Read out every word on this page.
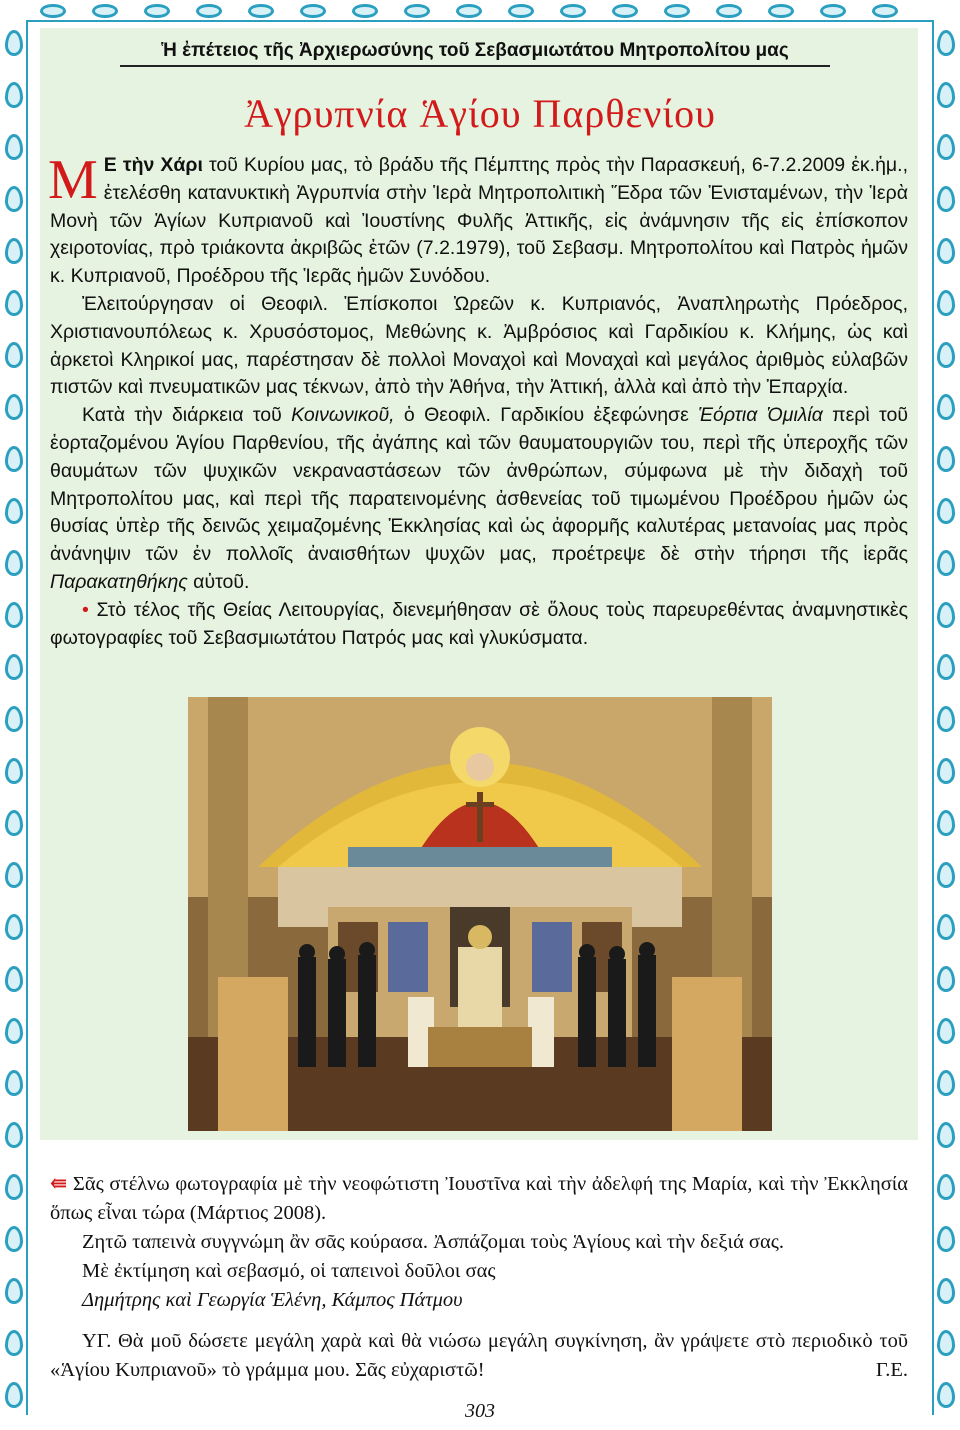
Ἡ ἐπέτειος τῆς Ἀρχιερωσύνης τοῦ Σεβασμιωτάτου Μητροπολίτου μας
Ἀγρυπνία Ἁγίου Παρθενίου

Μ Ε τὴν Χάρι τοῦ Κυρίου μας, τὸ βράδυ τῆς Πέμπτης πρὸς τὴν Παρασκευή, 6-7.2.2009 ἐκ.ἡμ., ἐτελέσθη κατανυκτικὴ Ἀγρυπνία στὴν Ἱερὰ Μητροπολιτικὴ Ἕδρα τῶν Ἐνισταμένων, τὴν Ἱερὰ Μονὴ τῶν Ἁγίων Κυπριανοῦ καὶ Ἰουστίνης Φυλῆς Ἀττικῆς, εἰς ἀνάμνησιν τῆς εἰς ἐπίσκοπον χειροτονίας, πρὸ τριάκοντα ἀκριβῶς ἐτῶν (7.2.1979), τοῦ Σεβασμ. Μητροπολίτου καὶ Πατρὸς ἡμῶν κ. Κυπριανοῦ, Προέδρου τῆς Ἱερᾶς ἡμῶν Συνόδου.

Ἐλειτούργησαν οἱ Θεοφιλ. Ἐπίσκοποι Ὠρεῶν κ. Κυπριανός, Ἀναπληρωτὴς Πρόεδρος, Χριστιανουπόλεως κ. Χρυσόστομος, Μεθώνης κ. Ἀμβρόσιος καὶ Γαρδικίου κ. Κλήμης, ὡς καὶ ἀρκετοὶ Κληρικοί μας, παρέστησαν δὲ πολλοὶ Μοναχοὶ καὶ Μοναχαὶ καὶ μεγάλος ἀριθμὸς εὐλαβῶν πιστῶν καὶ πνευματικῶν μας τέκνων, ἀπὸ τὴν Ἀθήνα, τὴν Ἀττική, ἀλλὰ καὶ ἀπὸ τὴν Ἐπαρχία.

Κατὰ τὴν διάρκεια τοῦ Κοινωνικοῦ, ὁ Θεοφιλ. Γαρδικίου ἐξεφώνησε Ἑόρτια Ὁμιλία περὶ τοῦ ἑορταζομένου Ἁγίου Παρθενίου, τῆς ἀγάπης καὶ τῶν θαυματουργιῶν του, περὶ τῆς ὑπεροχῆς τῶν θαυμάτων τῶν ψυχικῶν νεκραναστάσεων τῶν ἀνθρώπων, σύμφωνα μὲ τὴν διδαχὴ τοῦ Μητροπολίτου μας, καὶ περὶ τῆς παρατεινομένης ἀσθενείας τοῦ τιμωμένου Προέδρου ἡμῶν ὡς θυσίας ὑπὲρ τῆς δεινῶς χειμαζομένης Ἐκκλησίας καὶ ὡς ἀφορμῆς καλυτέρας μετανοίας μας πρὸς ἀνάνηψιν τῶν ἐν πολλοῖς ἀναισθήτων ψυχῶν μας, προέτρεψε δὲ στὴν τήρησι τῆς ἱερᾶς Παρακατηθήκης αὐτοῦ.

• Στὸ τέλος τῆς Θείας Λειτουργίας, διενεμήθησαν σὲ ὅλους τοὺς παρευρεθέντας ἀναμνηστικὲς φωτογραφίες τοῦ Σεβασμιωτάτου Πατρός μας καὶ γλυκύσματα.

⇚ Σᾶς στέλνω φωτογραφία μὲ τὴν νεοφώτιστη Ἰουστῖνα καὶ τὴν ἀδελφή της Μαρία, καὶ τὴν Ἐκκλησία ὅπως εἶναι τώρα (Μάρτιος 2008).

Ζητῶ ταπεινὰ συγγνώμη ἂν σᾶς κούρασα. Ἀσπάζομαι τοὺς Ἁγίους καὶ τὴν δεξιά σας.

Μὲ ἐκτίμηση καὶ σεβασμό, οἱ ταπεινοὶ δοῦλοι σας

Δημήτρης καὶ Γεωργία Ἑλένη, Κάμπος Πάτμου

ΥΓ. Θὰ μοῦ δώσετε μεγάλη χαρὰ καὶ θὰ νιώσω μεγάλη συγκίνηση, ἂν γράψετε στὸ περιοδικὸ τοῦ «Ἁγίου Κυπριανοῦ» τὸ γράμμα μου. Σᾶς εὐχαριστῶ!	Γ.Ε.

303
